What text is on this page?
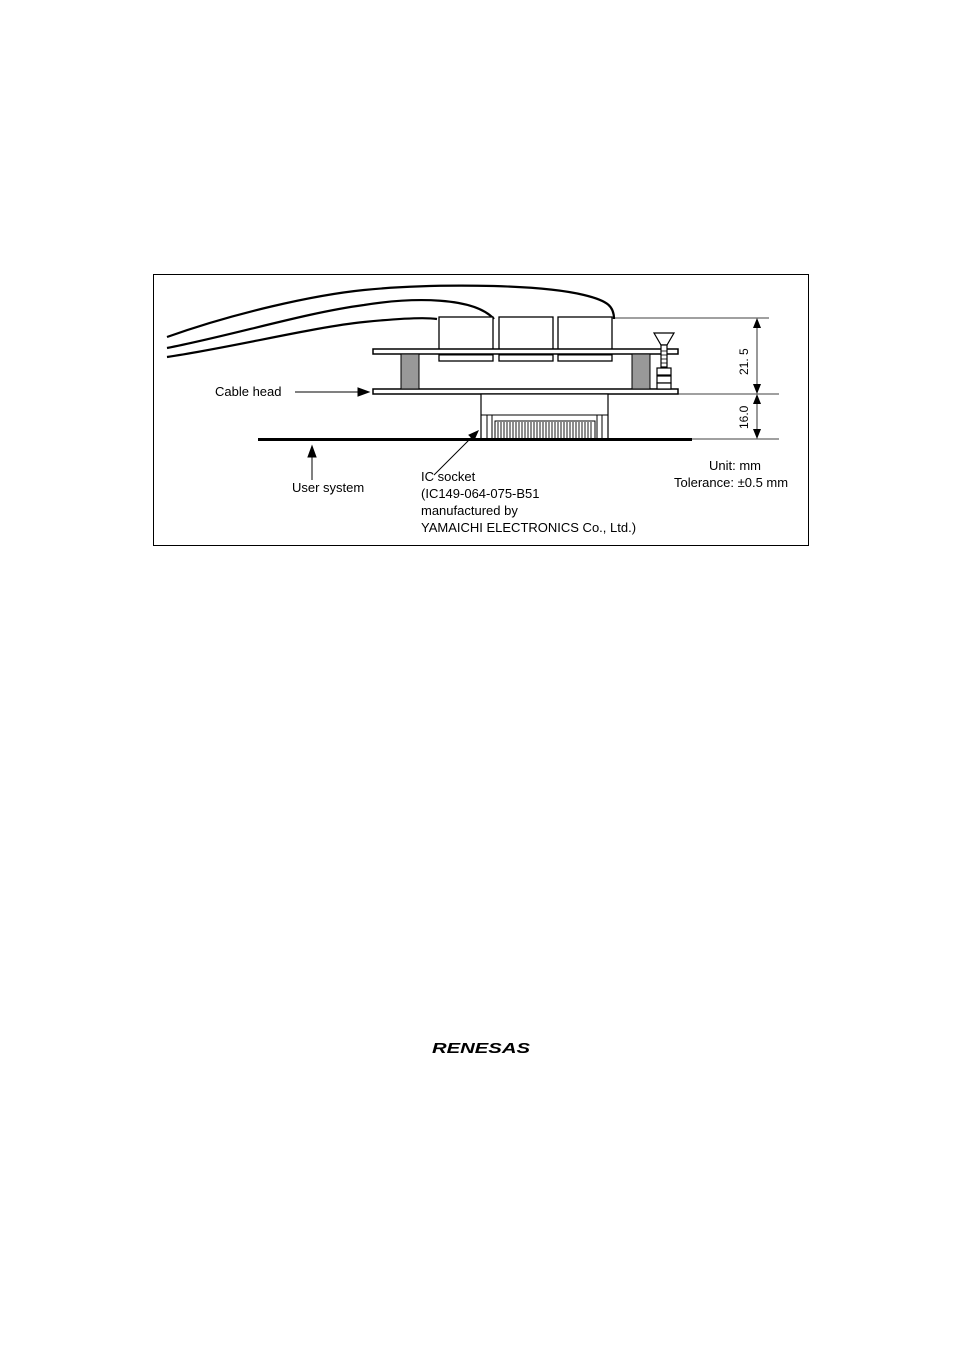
21. 5
16.0
Cable head
User system
IC socket
(IC149-064-075-B51
manufactured by
YAMAICHI ELECTRONICS Co., Ltd.)
Unit: mm
Tolerance: ±0.5 mm
RENESAS
